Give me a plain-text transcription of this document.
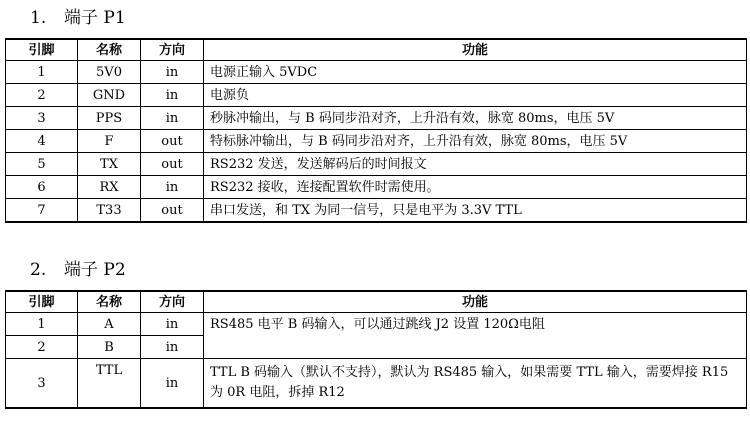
1. 端子 P1
引脚	名称	方向	功能
1	5V0	in	电源正输入 5VDC
2	GND	in	电源负
3	PPS	in	秒脉冲输出，与 B 码同步沿对齐，上升沿有效，脉宽 80ms，电压 5V
4	F	out	特标脉冲输出，与 B 码同步沿对齐，上升沿有效，脉宽 80ms，电压 5V
5	TX	out	RS232 发送，发送解码后的时间报文
6	RX	in	RS232 接收，连接配置软件时需使用。
7	T33	out	串口发送，和 TX 为同一信号，只是电平为 3.3V TTL
2. 端子 P2
引脚	名称	方向	功能
1	A	in	RS485 电平 B 码输入，可以通过跳线 J2 设置 120Ω电阻
2	B	in	
3	TTL	in	TTL B 码输入（默认不支持），默认为 RS485 输入，如果需要 TTL 输入，需要焊接 R15 为 0R 电阻，拆掉 R12
